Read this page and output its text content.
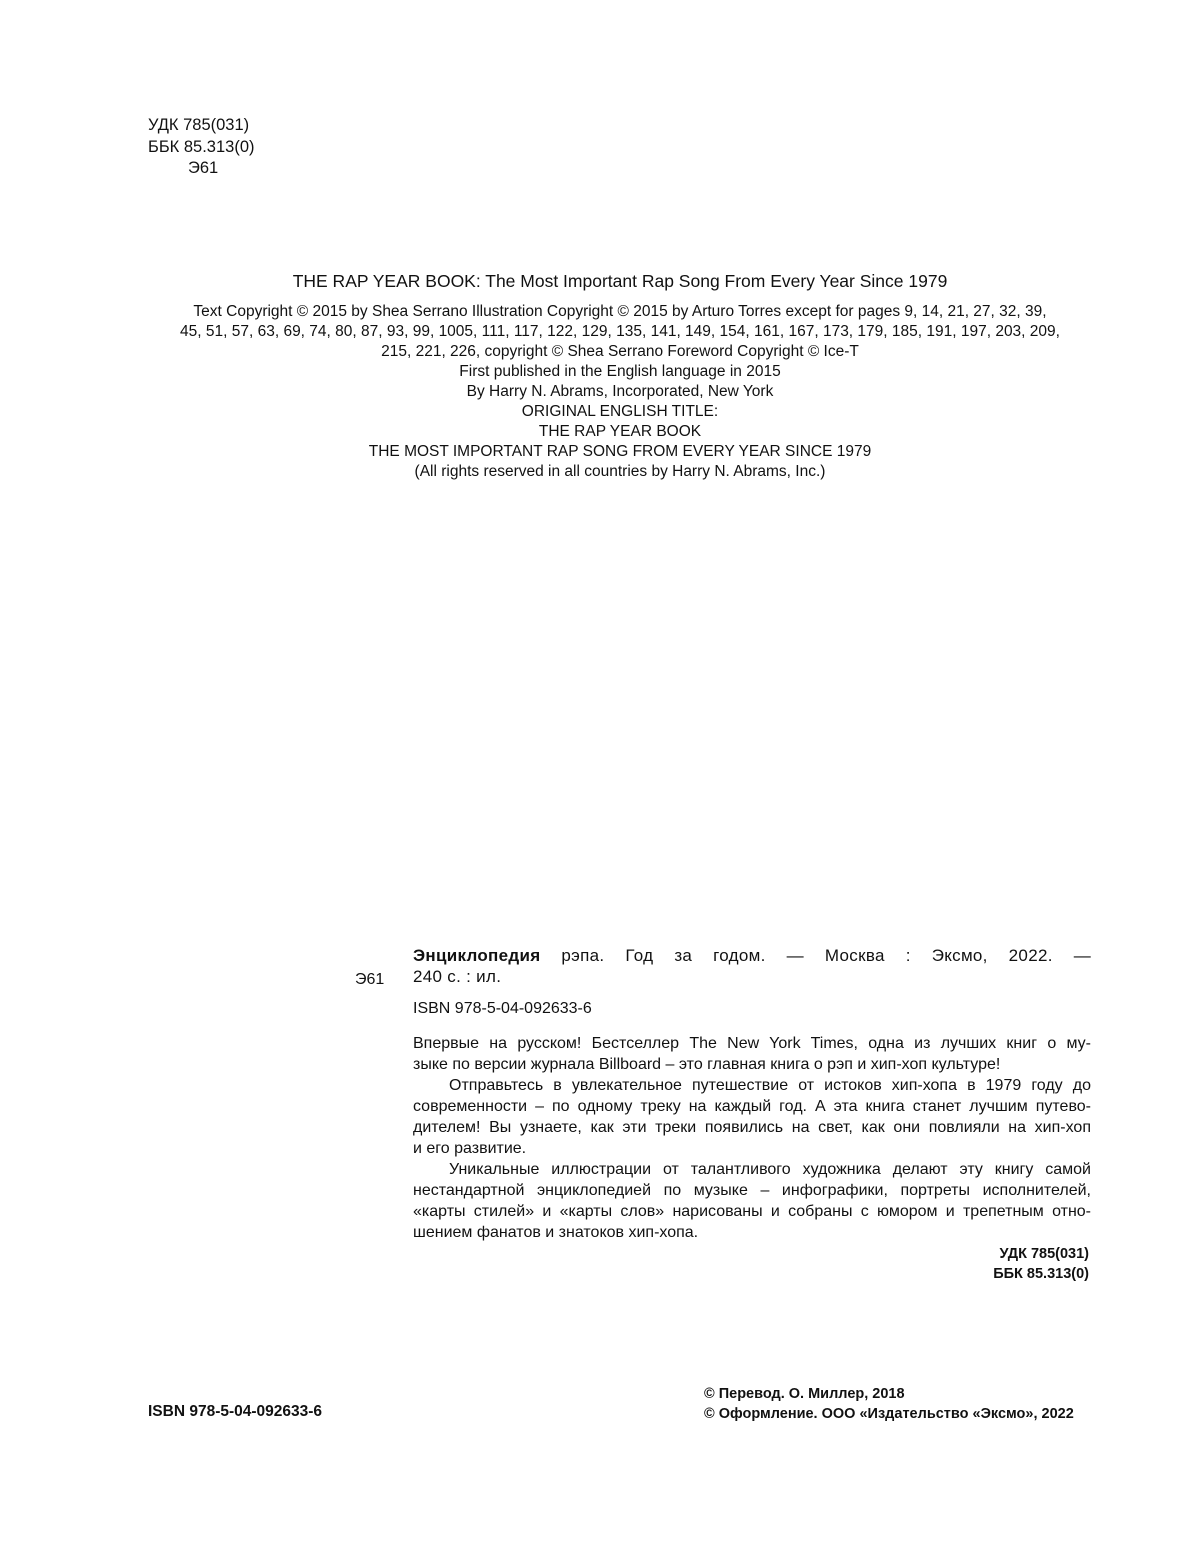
УДК 785(031)
ББК 85.313(0)
Э61
THE RAP YEAR BOOK: The Most Important Rap Song From Every Year Since 1979
Text Copyright © 2015 by Shea Serrano Illustration Copyright © 2015 by Arturo Torres except for pages 9, 14, 21, 27, 32, 39,
45, 51, 57, 63, 69, 74, 80, 87, 93, 99, 1005, 111, 117, 122, 129, 135, 141, 149, 154, 161, 167, 173, 179, 185, 191, 197, 203, 209,
215, 221, 226, copyright © Shea Serrano Foreword Copyright © Ice-T
First published in the English language in 2015
By Harry N. Abrams, Incorporated, New York
ORIGINAL ENGLISH TITLE:
THE RAP YEAR BOOK
THE MOST IMPORTANT RAP SONG FROM EVERY YEAR SINCE 1979
(All rights reserved in all countries by Harry N. Abrams, Inc.)
Э61
Энциклопедия рэпа. Год за годом. — Москва : Эксмо, 2022. —
240 с. : ил.
ISBN 978-5-04-092633-6
Впервые на русском! Бестселлер The New York Times, одна из лучших книг о му-
зыке по версии журнала Billboard – это главная книга о рэп и хип-хоп культуре!
Отправьтесь в увлекательное путешествие от истоков хип-хопа в 1979 году до
современности – по одному треку на каждый год. А эта книга станет лучшим путево-
дителем! Вы узнаете, как эти треки появились на свет, как они повлияли на хип-хоп
и его развитие.
Уникальные иллюстрации от талантливого художника делают эту книгу самой
нестандартной энциклопедией по музыке – инфографики, портреты исполнителей,
«карты стилей» и «карты слов» нарисованы и собраны с юмором и трепетным отно-
шением фанатов и знатоков хип-хопа.
УДК 785(031)
ББК 85.313(0)
ISBN 978-5-04-092633-6
© Перевод. О. Миллер, 2018
© Оформление. ООО «Издательство «Эксмо», 2022
